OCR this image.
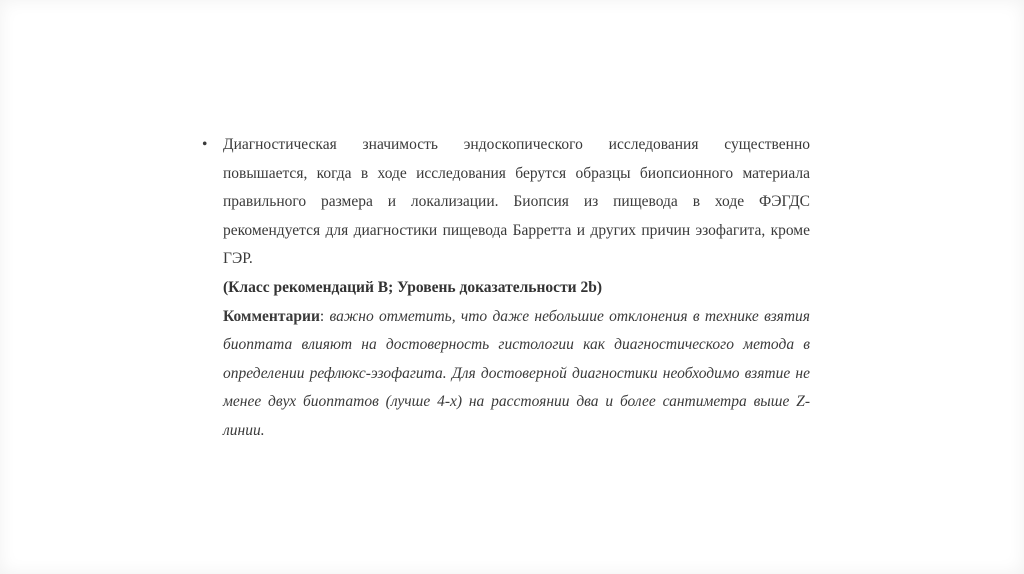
• Диагностическая значимость эндоскопического исследования существенно повышается, когда в ходе исследования берутся образцы биопсионного материала правильного размера и локализации. Биопсия из пищевода в ходе ФЭГДС рекомендуется для диагностики пищевода Барретта и других причин эзофагита, кроме ГЭР.
(Класс рекомендаций В; Уровень доказательности 2b)
Комментарии: важно отметить, что даже небольшие отклонения в технике взятия биоптата влияют на достоверность гистологии как диагностического метода в определении рефлюкс-эзофагита. Для достоверной диагностики необходимо взятие не менее двух биоптатов (лучше 4-х) на расстоянии два и более сантиметра выше Z-линии.
